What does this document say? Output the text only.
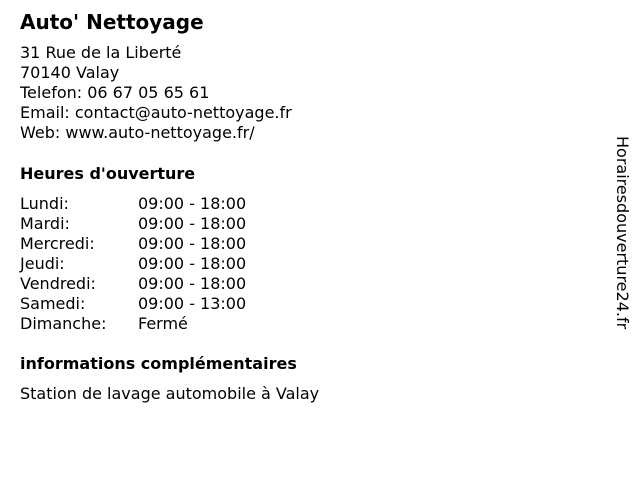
Auto' Nettoyage
31 Rue de la Liberté
70140 Valay
Telefon: 06 67 05 65 61
Email: contact@auto-nettoyage.fr
Web: www.auto-nettoyage.fr/
Heures d'ouverture
Lundi:	09:00 - 18:00
Mardi:	09:00 - 18:00
Mercredi:	09:00 - 18:00
Jeudi:	09:00 - 18:00
Vendredi:	09:00 - 18:00
Samedi:	09:00 - 13:00
Dimanche: Fermé
informations complémentaires
Station de lavage automobile à Valay
Horairesdouverture24.fr
